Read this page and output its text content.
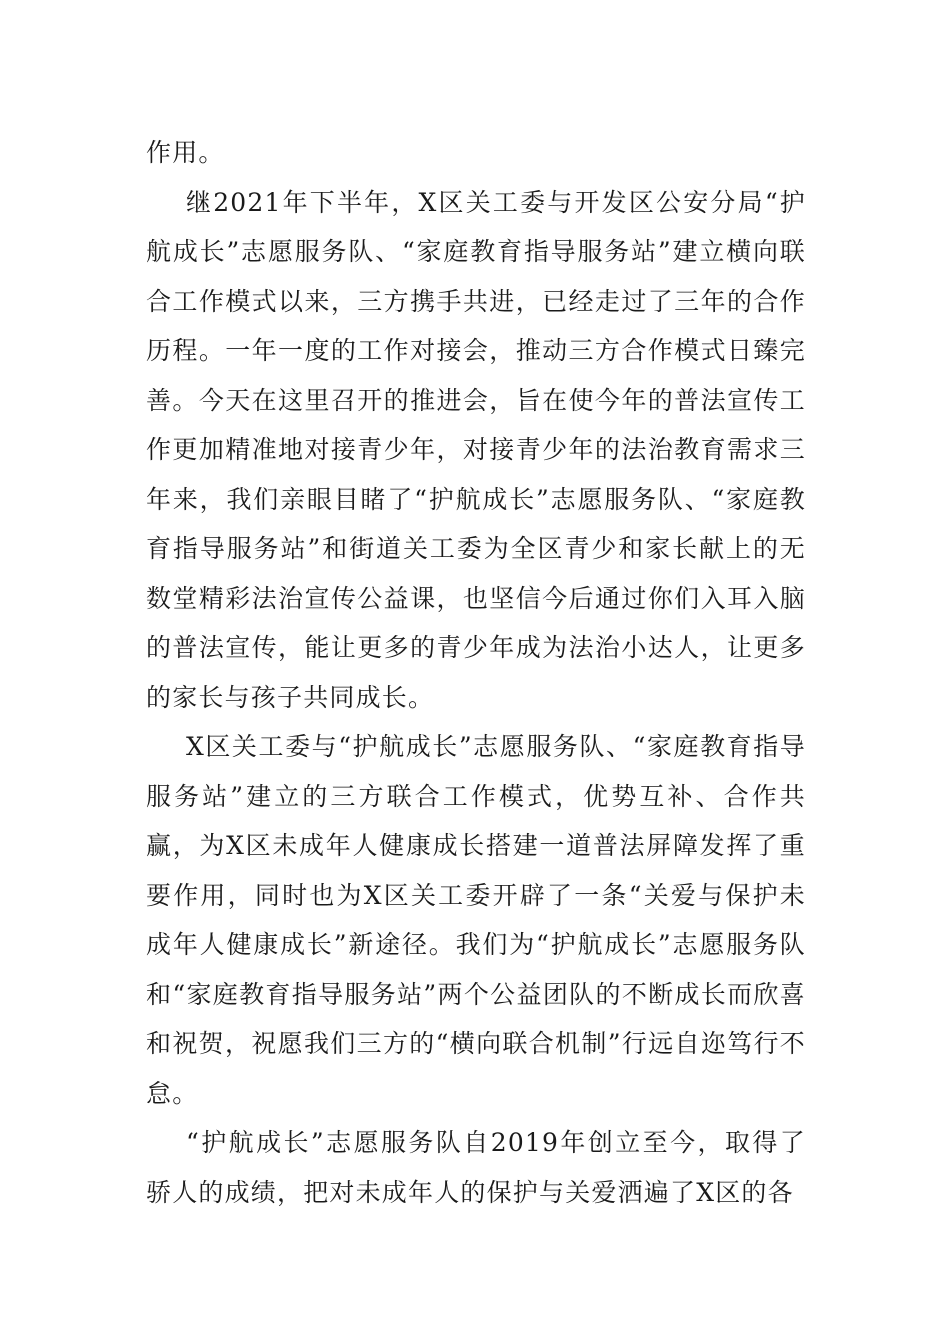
作用。

继2021年下半年，X区关工委与开发区公安分局“护航成长”志愿服务队、“家庭教育指导服务站”建立横向联合工作模式以来，三方携手共进，已经走过了三年的合作历程。一年一度的工作对接会，推动三方合作模式日臻完善。今天在这里召开的推进会，旨在使今年的普法宣传工作更加精准地对接青少年，对接青少年的法治教育需求三年来，我们亲眼目睹了“护航成长”志愿服务队、“家庭教育指导服务站”和街道关工委为全区青少和家长献上的无数堂精彩法治宣传公益课，也坚信今后通过你们入耳入脑的普法宣传，能让更多的青少年成为法治小达人，让更多的家长与孩子共同成长。

X区关工委与“护航成长”志愿服务队、“家庭教育指导服务站”建立的三方联合工作模式，优势互补、合作共赢，为X区未成年人健康成长搭建一道普法屏障发挥了重要作用，同时也为X区关工委开辟了一条“关爱与保护未成年人健康成长”新途径。我们为“护航成长”志愿服务队和“家庭教育指导服务站”两个公益团队的不断成长而欣喜和祝贺，祝愿我们三方的“横向联合机制”行远自迩笃行不怠。

“护航成长”志愿服务队自2019年创立至今，取得了骄人的成绩，把对未成年人的保护与关爱洒遍了X区的各
